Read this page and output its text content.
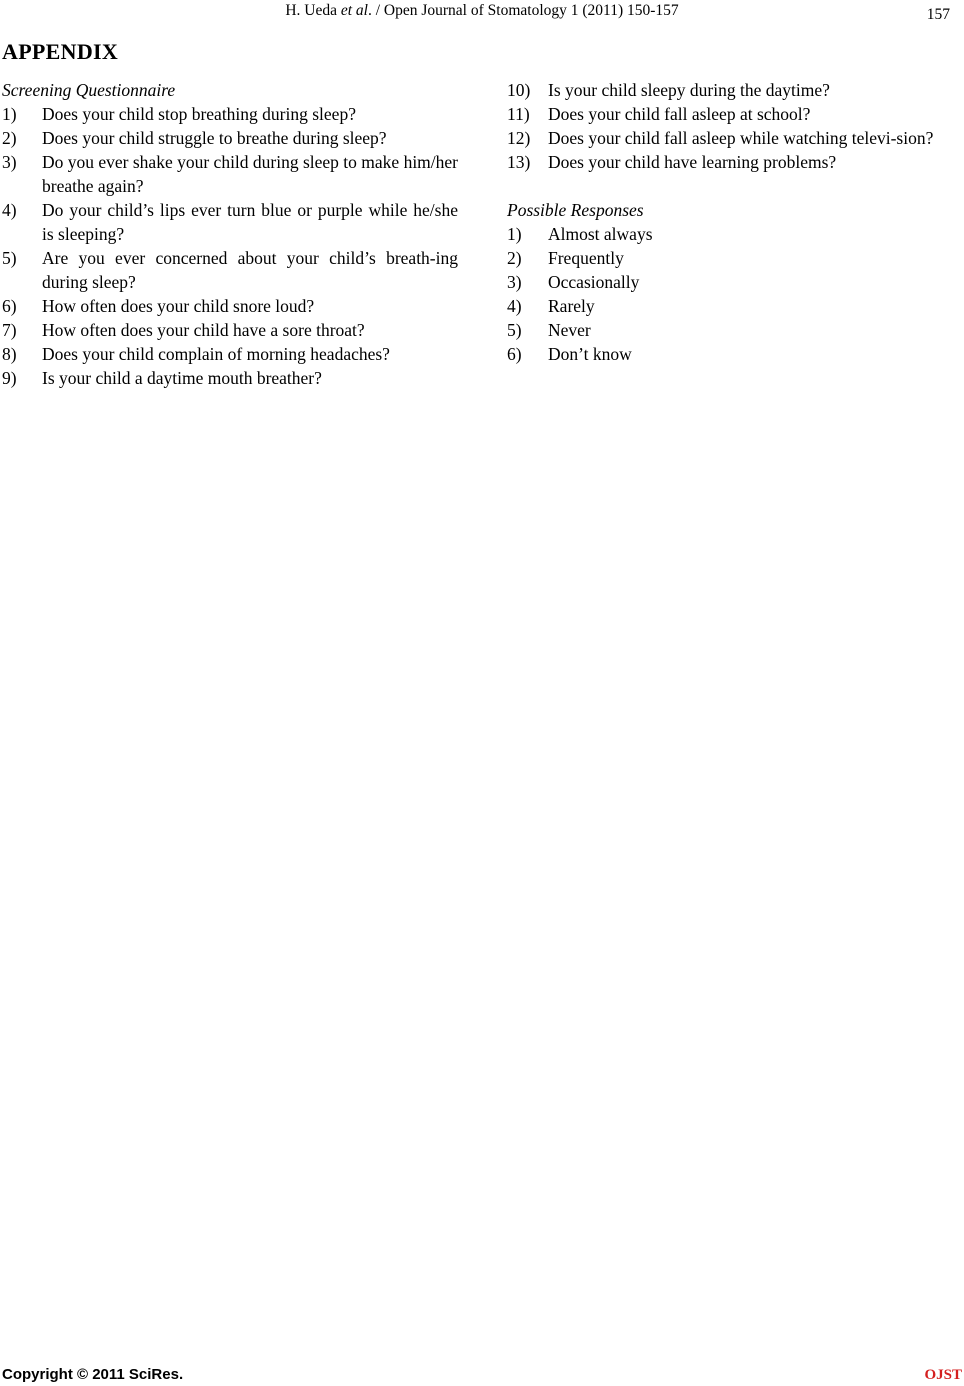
H. Ueda et al. / Open Journal of Stomatology 1 (2011) 150-157	157
APPENDIX
Screening Questionnaire
1) Does your child stop breathing during sleep?
2) Does your child struggle to breathe during sleep?
3) Do you ever shake your child during sleep to make him/her breathe again?
4) Do your child’s lips ever turn blue or purple while he/she is sleeping?
5) Are you ever concerned about your child’s breath-ing during sleep?
6) How often does your child snore loud?
7) How often does your child have a sore throat?
8) Does your child complain of morning headaches?
9) Is your child a daytime mouth breather?
10) Is your child sleepy during the daytime?
11) Does your child fall asleep at school?
12) Does your child fall asleep while watching televi-sion?
13) Does your child have learning problems?
Possible Responses
1) Almost always
2) Frequently
3) Occasionally
4) Rarely
5) Never
6) Don’t know
Copyright © 2011 SciRes.	OJST
